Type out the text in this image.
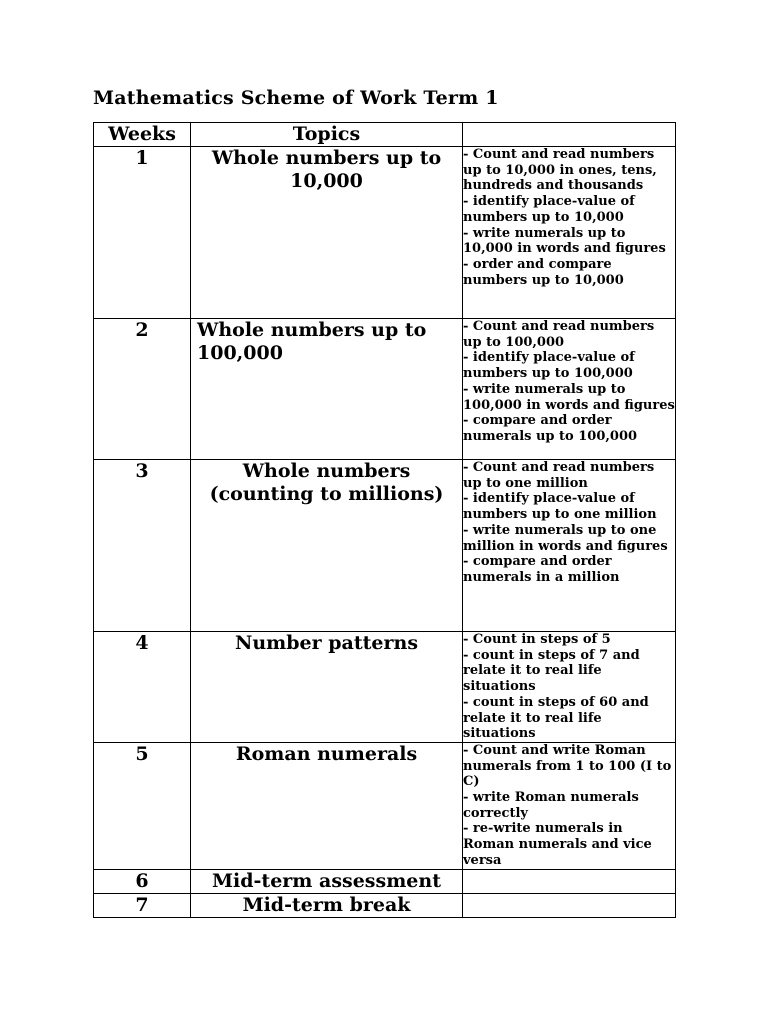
Mathematics Scheme of Work Term 1
Weeks	Topics	
1	Whole numbers up to 10,000	- Count and read numbers up to 10,000 in ones, tens, hundreds and thousands
- identify place-value of numbers up to 10,000
- write numerals up to 10,000 in words and figures
- order and compare numbers up to 10,000

2	Whole numbers up to 100,000	- Count and read numbers up to 100,000
- identify place-value of numbers up to 100,000
- write numerals up to 100,000 in words and figures
- compare and order numerals up to 100,000

3	Whole numbers (counting to millions)	- Count and read numbers up to one million
- identify place-value of numbers up to one million
- write numerals up to one million in words and figures
- compare and order numerals in a million

4	Number patterns	- Count in steps of 5
- count in steps of 7 and relate it to real life situations
- count in steps of 60 and relate it to real life situations

5	Roman numerals	- Count and write Roman numerals from 1 to 100 (I to C)
- write Roman numerals correctly
- re-write numerals in Roman numerals and vice versa

6	Mid-term assessment	
7	Mid-term break	
